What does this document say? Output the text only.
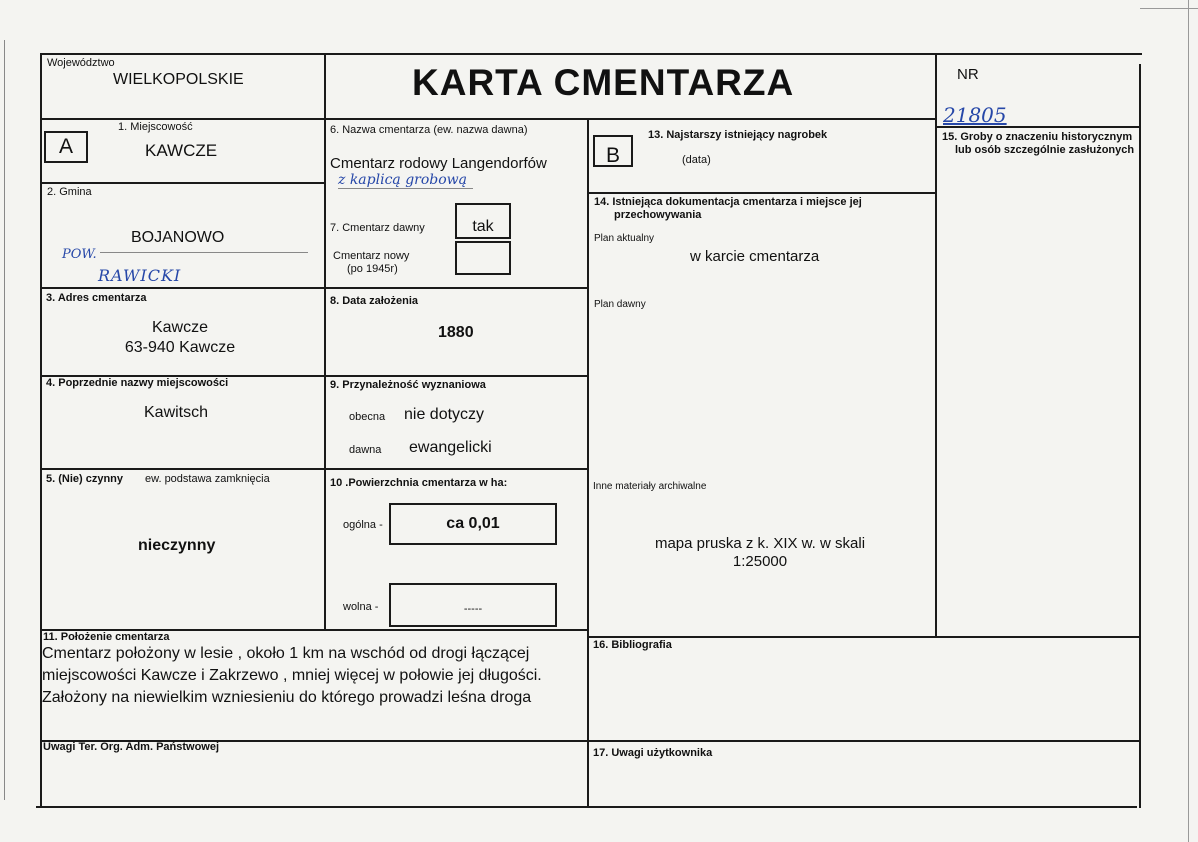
Województwo
WIELKOPOLSKIE	KARTA CMENTARZA	NR
21805
A
1. Miejscowość
KAWCZE
2. Gmina
BOJANOWO
POW.
RAWICKI
3. Adres cmentarza
Kawcze
63-940 Kawcze
4. Poprzednie nazwy miejscowości
Kawitsch
5. (Nie) czynny ew. podstawa zamknięcia
nieczynny
6. Nazwa cmentarza (ew. nazwa dawna)
Cmentarz rodowy Langendorfów
z kaplicą grobową
7. Cmentarz dawny	tak
Cmentarz nowy
(po 1945r)
8. Data założenia
1880
9. Przynależność wyznaniowa
obecna nie dotyczy
dawna ewangelicki
10 .Powierzchnia cmentarza w ha:
ogólna -	ca 0,01
wolna -	-----
B
13. Najstarszy istniejący nagrobek
(data)
14. Istniejąca dokumentacja cmentarza i miejsce jej
przechowywania
Plan aktualny
w karcie cmentarza
Plan dawny
Inne materiały archiwalne
mapa pruska z k. XIX w. w skali
1:25000
15. Groby o znaczeniu historycznym
lub osób szczególnie zasłużonych
11. Położenie cmentarza
Cmentarz położony w lesie , około 1 km na wschód od drogi łączącej
miejscowości Kawcze i Zakrzewo , mniej więcej w połowie jej długości.
Założony na niewielkim wzniesieniu do którego prowadzi leśna droga
16. Bibliografia
Uwagi Ter. Org. Adm. Państwowej	17. Uwagi użytkownika
